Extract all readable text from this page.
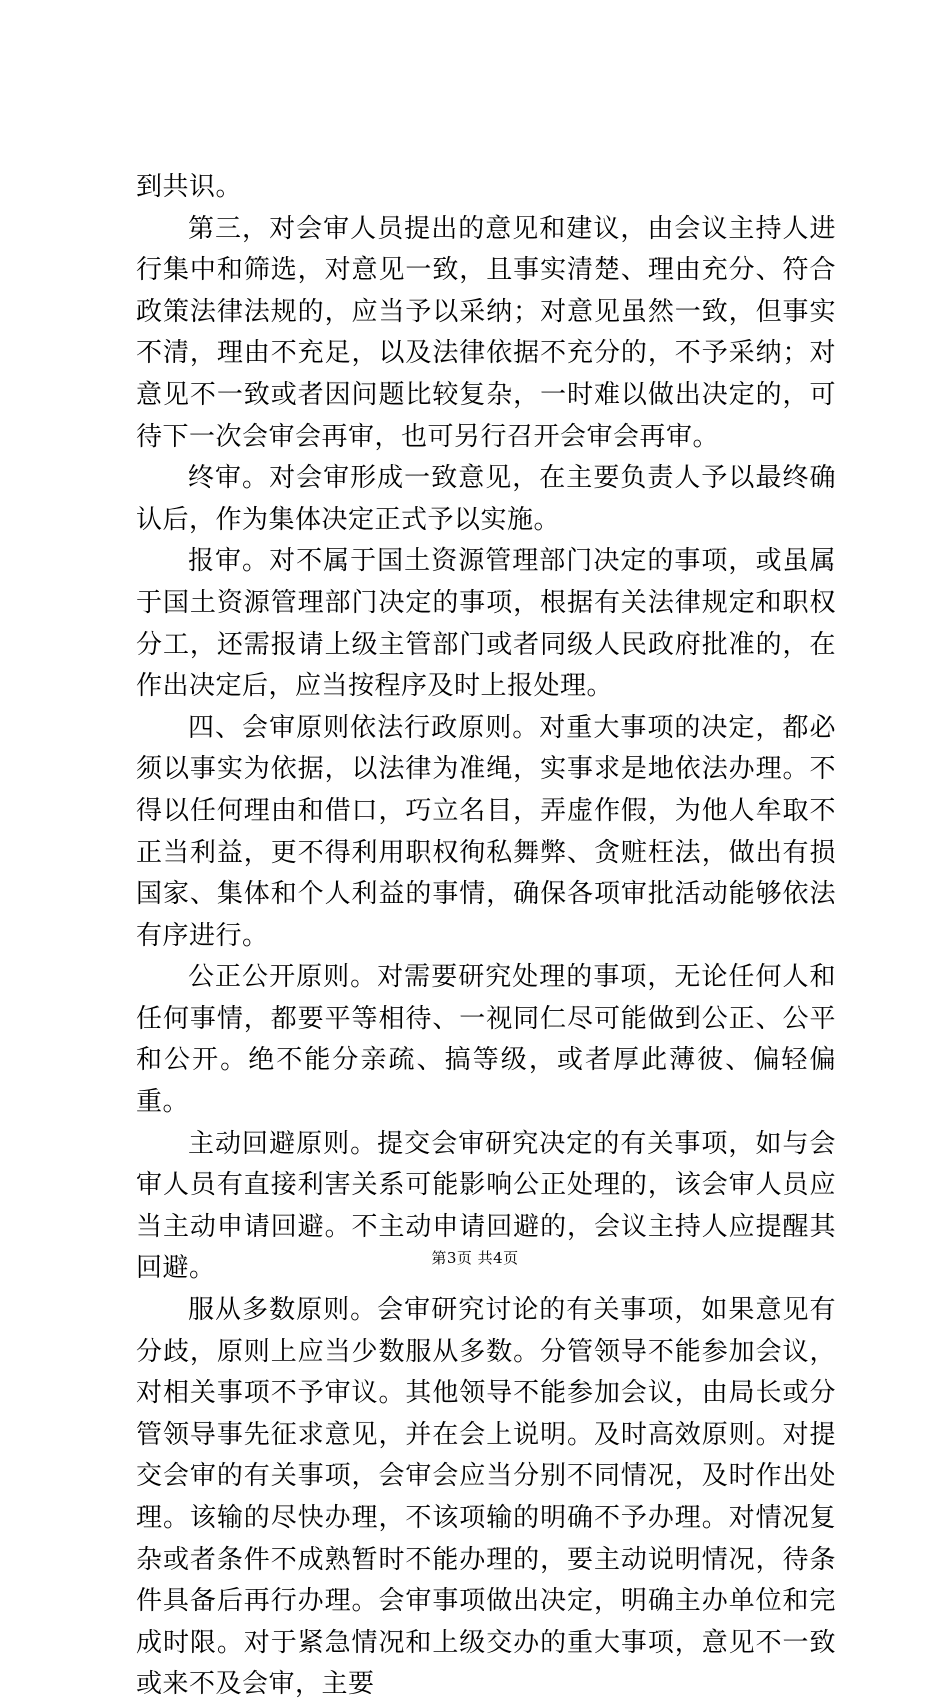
到共识。

第三，对会审人员提出的意见和建议，由会议主持人进行集中和筛选，对意见一致，且事实清楚、理由充分、符合政策法律法规的，应当予以采纳；对意见虽然一致，但事实不清，理由不充足，以及法律依据不充分的，不予采纳；对意见不一致或者因问题比较复杂，一时难以做出决定的，可待下一次会审会再审，也可另行召开会审会再审。

终审。对会审形成一致意见，在主要负责人予以最终确认后，作为集体决定正式予以实施。

报审。对不属于国土资源管理部门决定的事项，或虽属于国土资源管理部门决定的事项，根据有关法律规定和职权分工，还需报请上级主管部门或者同级人民政府批准的，在作出决定后，应当按程序及时上报处理。

四、会审原则依法行政原则。对重大事项的决定，都必须以事实为依据，以法律为准绳，实事求是地依法办理。不得以任何理由和借口，巧立名目，弄虚作假，为他人牟取不正当利益，更不得利用职权徇私舞弊、贪赃枉法，做出有损国家、集体和个人利益的事情，确保各项审批活动能够依法有序进行。

公正公开原则。对需要研究处理的事项，无论任何人和任何事情，都要平等相待、一视同仁尽可能做到公正、公平和公开。绝不能分亲疏、搞等级，或者厚此薄彼、偏轻偏重。

主动回避原则。提交会审研究决定的有关事项，如与会审人员有直接利害关系可能影响公正处理的，该会审人员应当主动申请回避。不主动申请回避的，会议主持人应提醒其回避。

服从多数原则。会审研究讨论的有关事项，如果意见有分歧，原则上应当少数服从多数。分管领导不能参加会议，对相关事项不予审议。其他领导不能参加会议，由局长或分管领导事先征求意见，并在会上说明。及时高效原则。对提交会审的有关事项，会审会应当分别不同情况，及时作出处理。该输的尽快办理，不该项输的明确不予办理。对情况复杂或者条件不成熟暂时不能办理的，要主动说明情况，待条件具备后再行办理。会审事项做出决定，明确主办单位和完成时限。对于紧急情况和上级交办的重大事项，意见不一致或来不及会审，主要

第3页 共4页
